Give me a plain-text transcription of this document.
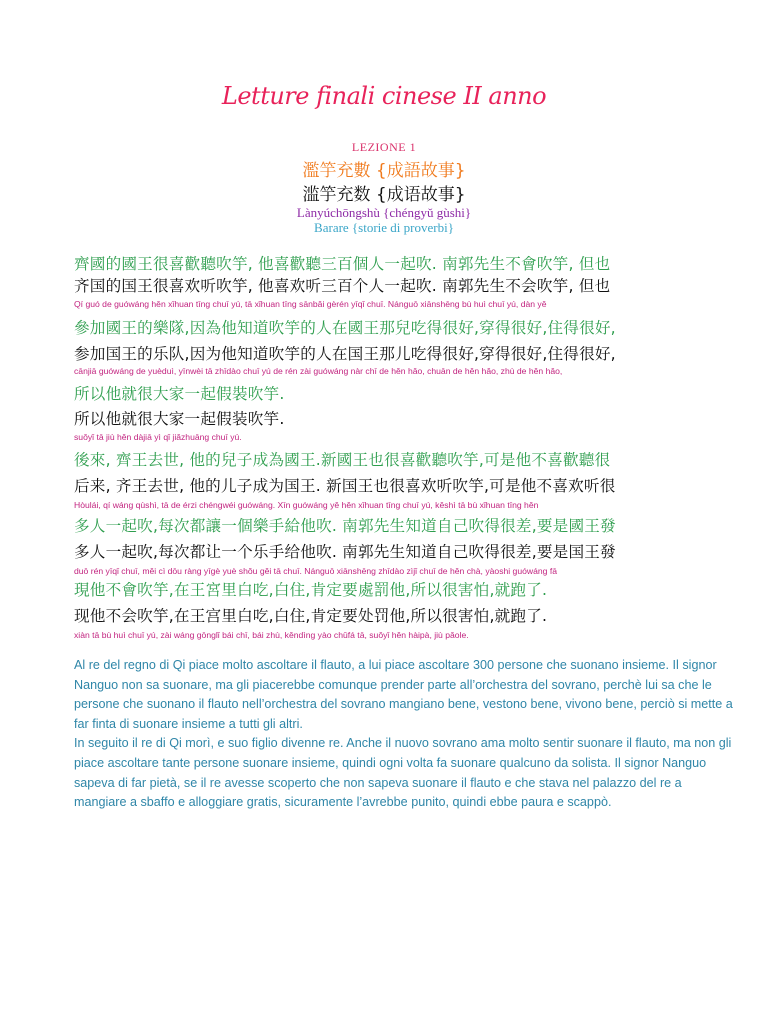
Letture finali cinese II anno
LEZIONE 1
濫竽充數 {成語故事}
滥竽充数 {成语故事}
Lànyúchōngshù {chéngyǔ gùshi}
Barare {storie di proverbi}
齊國的國王很喜歡聽吹竽, 他喜歡聽三百個人一起吹. 南郭先生不會吹竽, 但也
齐国的国王很喜欢听吹竽, 他喜欢听三百个人一起吹. 南郭先生不会吹竽, 但也
Qí guó de guówáng hěn xǐhuan tīng chuī yú, tā xǐhuan tīng sānbǎi gèrén yīqǐ chuī. Nánguō xiānshēng bù huì chuī yú, dàn yě
參加國王的樂隊,因為他知道吹竽的人在國王那兒吃得很好,穿得很好,住得很好,
参加国王的乐队,因为他知道吹竽的人在国王那儿吃得很好,穿得很好,住得很好,
cānjiā guówáng de yuèduì, yīnwèi tā zhīdào chuī yú de rén zài guówáng nàr chī de hěn hǎo, chuān de hěn hǎo, zhù de hěn hǎo,
所以他就很大家一起假裝吹竽.
所以他就很大家一起假装吹竽.
suǒyǐ tā jiù hěn dàjiā yì qǐ jiǎzhuāng chuī yú.
後來, 齊王去世, 他的兒子成為國王.新國王也很喜歡聽吹竽,可是他不喜歡聽很
后来, 齐王去世, 他的儿子成为国王. 新国王也很喜欢听吹竽,可是他不喜欢听很
Hòulái, qí wáng qùshì, tā de érzi chéngwéi guówáng. Xīn guówáng yě hěn xǐhuan tīng chuī yú, kěshì tā bù xǐhuan tīng hěn
多人一起吹,每次都讓一個樂手給他吹. 南郭先生知道自己吹得很差,要是國王發
多人一起吹,每次都让一个乐手给他吹. 南郭先生知道自己吹得很差,要是国王發
duō rén yīqǐ chuī, měi cì dōu ràng yīgè yuè shǒu gěi tā chuī. Nánguō xiānshēng zhīdào zìjǐ chuī de hěn chà, yàoshi guówáng fā
現他不會吹竽,在王宮里白吃,白住,肯定要處罰他,所以很害怕,就跑了.
现他不会吹竽,在王宫里白吃,白住,肯定要处罚他,所以很害怕,就跑了.
xiàn tā bù huì chuī yú, zài wáng gōnglǐ bái chī, bái zhù, kěndìng yào chǔfá tā, suǒyǐ hěn hàipà, jiù pǎole.

Al re del regno di Qi piace molto ascoltare il flauto, a lui piace ascoltare 300 persone che suonano insieme. Il signor Nanguo non sa suonare, ma gli piacerebbe comunque prender parte all’orchestra del sovrano, perchè lui sa che le persone che suonano il flauto nell’orchestra del sovrano mangiano bene, vestono bene, vivono bene, perciò si mette a far finta di suonare insieme a tutti gli altri.

In seguito il re di Qi morì, e suo figlio divenne re. Anche il nuovo sovrano ama molto sentir suonare il flauto, ma non gli piace ascoltare tante persone suonare insieme, quindi ogni volta fa suonare qualcuno da solista. Il signor Nanguo sapeva di far pietà, se il re avesse scoperto che non sapeva suonare il flauto e che stava nel palazzo del re a mangiare a sbaffo e alloggiare gratis, sicuramente l’avrebbe punito, quindi ebbe paura e scappò.
